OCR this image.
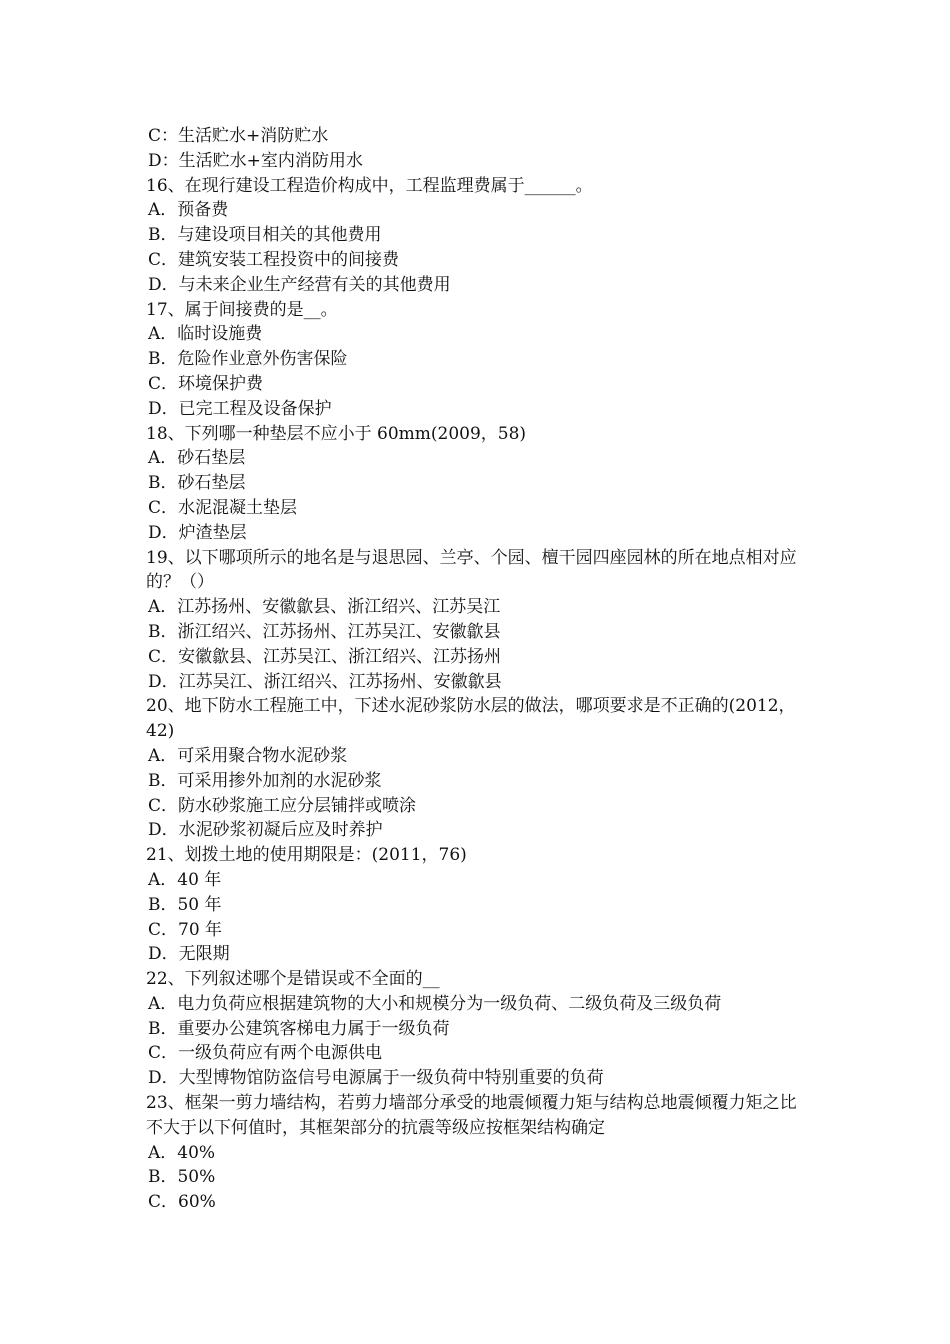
C：生活贮水+消防贮水
D：生活贮水+室内消防用水
16、在现行建设工程造价构成中，工程监理费属于______。
A．预备费
B．与建设项目相关的其他费用
C．建筑安装工程投资中的间接费
D．与未来企业生产经营有关的其他费用
17、属于间接费的是__。
A．临时设施费
B．危险作业意外伤害保险
C．环境保护费
D．已完工程及设备保护
18、下列哪一种垫层不应小于 60mm(2009，58)
A．砂石垫层
B．砂石垫层
C．水泥混凝土垫层
D．炉渣垫层
19、以下哪项所示的地名是与退思园、兰亭、个园、檀干园四座园林的所在地点相对应的？（）
A．江苏扬州、安徽歙县、浙江绍兴、江苏吴江
B．浙江绍兴、江苏扬州、江苏吴江、安徽歙县
C．安徽歙县、江苏吴江、浙江绍兴、江苏扬州
D．江苏吴江、浙江绍兴、江苏扬州、安徽歙县
20、地下防水工程施工中，下述水泥砂浆防水层的做法，哪项要求是不正确的(2012，42)
A．可采用聚合物水泥砂浆
B．可采用掺外加剂的水泥砂浆
C．防水砂浆施工应分层铺拌或喷涂
D．水泥砂浆初凝后应及时养护
21、划拨土地的使用期限是：(2011，76)
A．40 年
B．50 年
C．70 年
D．无限期
22、下列叙述哪个是错误或不全面的__
A．电力负荷应根据建筑物的大小和规模分为一级负荷、二级负荷及三级负荷
B．重要办公建筑客梯电力属于一级负荷
C．一级负荷应有两个电源供电
D．大型博物馆防盗信号电源属于一级负荷中特别重要的负荷
23、框架一剪力墙结构，若剪力墙部分承受的地震倾覆力矩与结构总地震倾覆力矩之比不大于以下何值时，其框架部分的抗震等级应按框架结构确定
A．40%
B．50%
C．60%
